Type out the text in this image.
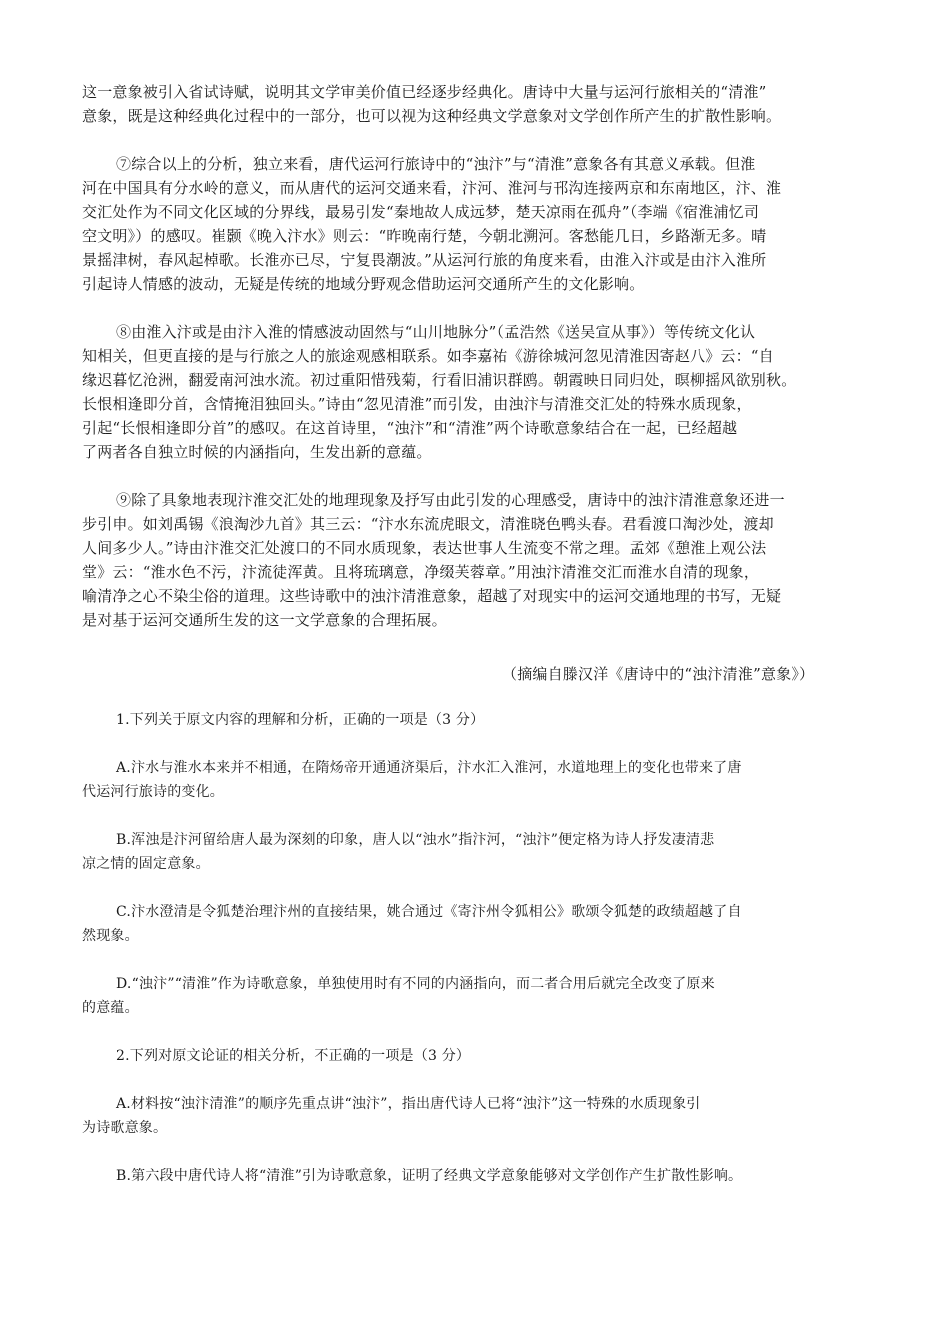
这一意象被引入省试诗赋，说明其文学审美价值已经逐步经典化。唐诗中大量与运河行旅相关的“清淮”
意象，既是这种经典化过程中的一部分，也可以视为这种经典文学意象对文学创作所产生的扩散性影响。
⑦综合以上的分析，独立来看，唐代运河行旅诗中的“浊汴”与“清淮”意象各有其意义承载。但淮
河在中国具有分水岭的意义，而从唐代的运河交通来看，汴河、淮河与邗沟连接两京和东南地区，汴、淮
交汇处作为不同文化区域的分界线，最易引发“秦地故人成远梦，楚天凉雨在孤舟”（李端《宿淮浦忆司
空文明》）的感叹。崔颢《晚入汴水》则云：“昨晚南行楚，今朝北溯河。客愁能几日，乡路渐无多。晴
景摇津树，春风起棹歌。长淮亦已尽，宁复畏潮波。”从运河行旅的角度来看，由淮入汴或是由汴入淮所
引起诗人情感的波动，无疑是传统的地域分野观念借助运河交通所产生的文化影响。
⑧由淮入汴或是由汴入淮的情感波动固然与“山川地脉分”（孟浩然《送吴宣从事》）等传统文化认
知相关，但更直接的是与行旅之人的旅途观感相联系。如李嘉祐《游徐城河忽见清淮因寄赵八》云：“自
缘迟暮忆沧洲，翻爱南河浊水流。初过重阳惜残菊，行看旧浦识群鸥。朝霞映日同归处，暝柳摇风欲别秋。
长恨相逢即分首，含情掩泪独回头。”诗由“忽见清淮”而引发，由浊汴与清淮交汇处的特殊水质现象，
引起“长恨相逢即分首”的感叹。在这首诗里，“浊汴”和“清淮”两个诗歌意象结合在一起，已经超越
了两者各自独立时候的内涵指向，生发出新的意蕴。
⑨除了具象地表现汴淮交汇处的地理现象及抒写由此引发的心理感受，唐诗中的浊汴清淮意象还进一
步引申。如刘禹锡《浪淘沙九首》其三云：“汴水东流虎眼文，清淮晓色鸭头春。君看渡口淘沙处，渡却
人间多少人。”诗由汴淮交汇处渡口的不同水质现象，表达世事人生流变不常之理。孟郊《憩淮上观公法
堂》云：“淮水色不污，汴流徒浑黄。且将琉璃意，净缀芙蓉章。”用浊汴清淮交汇而淮水自清的现象，
喻清净之心不染尘俗的道理。这些诗歌中的浊汴清淮意象，超越了对现实中的运河交通地理的书写，无疑
是对基于运河交通所生发的这一文学意象的合理拓展。
（摘编自滕汉洋《唐诗中的“浊汴清淮”意象》）
1.下列关于原文内容的理解和分析，正确的一项是（3 分）
A.汴水与淮水本来并不相通，在隋炀帝开通通济渠后，汴水汇入淮河，水道地理上的变化也带来了唐
代运河行旅诗的变化。
B.浑浊是汴河留给唐人最为深刻的印象，唐人以“浊水”指汴河，“浊汴”便定格为诗人抒发凄清悲
凉之情的固定意象。
C.汴水澄清是令狐楚治理汴州的直接结果，姚合通过《寄汴州令狐相公》歌颂令狐楚的政绩超越了自
然现象。
D.“浊汴”“清淮”作为诗歌意象，单独使用时有不同的内涵指向，而二者合用后就完全改变了原来
的意蕴。
2.下列对原文论证的相关分析，不正确的一项是（3 分）
A.材料按“浊汴清淮”的顺序先重点讲“浊汴”，指出唐代诗人已将“浊汴”这一特殊的水质现象引
为诗歌意象。
B.第六段中唐代诗人将“清淮”引为诗歌意象，证明了经典文学意象能够对文学创作产生扩散性影响。
